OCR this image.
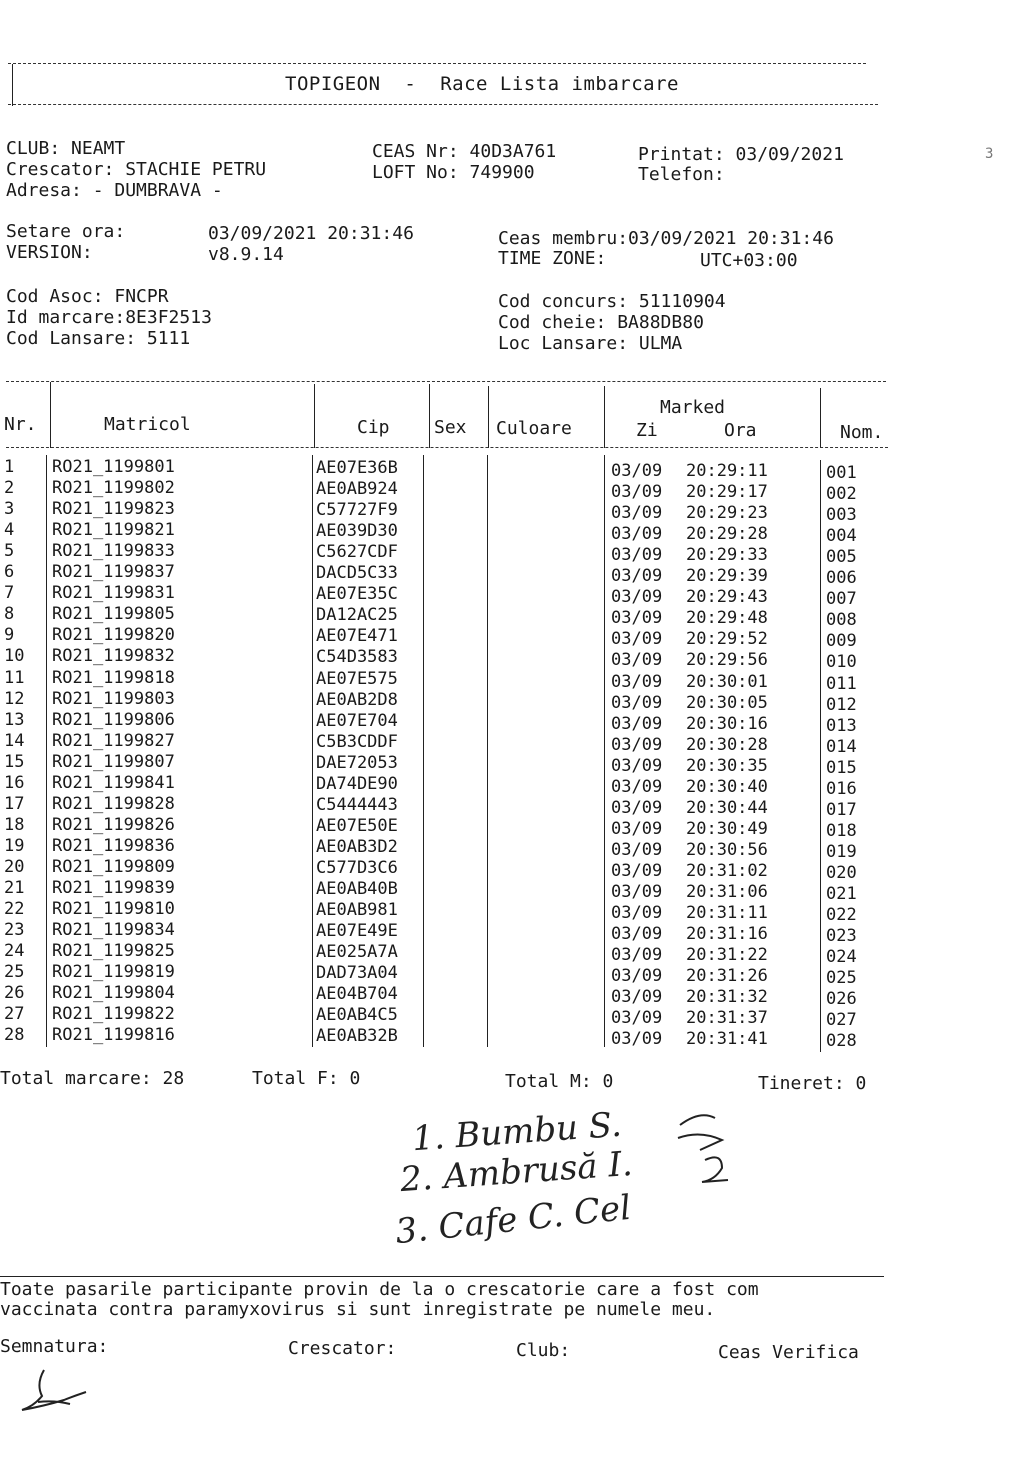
TOPIGEON  -  Race Lista imbarcare
3
CLUB: NEAMT
Crescator: STACHIE PETRU
Adresa: - DUMBRAVA -
CEAS Nr: 40D3A761
LOFT No: 749900
Printat: 03/09/2021
Telefon:
Setare ora:	03/09/2021 20:31:46
VERSION:	v8.9.14
Ceas membru:03/09/2021 20:31:46
TIME ZONE:	UTC+03:00
Cod Asoc: FNCPR
Id marcare:8E3F2513
Cod Lansare: 5111
Cod concurs: 51110904
Cod cheie: BA88DB80
Loc Lansare: ULMA
Nr.	Matricol	Cip Sex Culoare
Marked
Zi	Ora	Nom.
1 RO21_1199801	AE07E36B	03/09 20:29:11	001
2 RO21_1199802	AE0AB924	03/09 20:29:17	002
3 RO21_1199823	C57727F9	03/09 20:29:23	003
4 RO21_1199821	AE039D30	03/09 20:29:28	004
5 RO21_1199833	C5627CDF	03/09 20:29:33	005
6 RO21_1199837	DACD5C33	03/09 20:29:39	006
7 RO21_1199831	AE07E35C	03/09 20:29:43	007
8 RO21_1199805	DA12AC25	03/09 20:29:48	008
9 RO21_1199820	AE07E471	03/09 20:29:52	009
10 RO21_1199832	C54D3583	03/09 20:29:56	010
11 RO21_1199818	AE07E575	03/09 20:30:01	011
12 RO21_1199803	AE0AB2D8	03/09 20:30:05	012
13 RO21_1199806	AE07E704	03/09 20:30:16	013
14 RO21_1199827	C5B3CDDF	03/09 20:30:28	014
15 RO21_1199807	DAE72053	03/09 20:30:35	015
16 RO21_1199841	DA74DE90	03/09 20:30:40	016
17 RO21_1199828	C5444443	03/09 20:30:44	017
18 RO21_1199826	AE07E50E	03/09 20:30:49	018
19 RO21_1199836	AE0AB3D2	03/09 20:30:56	019
20 RO21_1199809	C577D3C6	03/09 20:31:02	020
21 RO21_1199839	AE0AB40B	03/09 20:31:06	021
22 RO21_1199810	AE0AB981	03/09 20:31:11	022
23 RO21_1199834	AE07E49E	03/09 20:31:16	023
24 RO21_1199825	AE025A7A	03/09 20:31:22	024
25 RO21_1199819	DAD73A04	03/09 20:31:26	025
26 RO21_1199804	AE04B704	03/09 20:31:32	026
27 RO21_1199822	AE0AB4C5	03/09 20:31:37	027
28 RO21_1199816	AE0AB32B	03/09 20:31:41	028
Total marcare: 28	Total F: 0	Total M: 0	Tineret: 0
1. Bumbu S.
2. Ambrusă I.
3. Cafe C. Cel
Toate pasarile participante provin de la o crescatorie care a fost com
vaccinata contra paramyxovirus si sunt inregistrate pe numele meu.
Semnatura:	Crescator:	Club:	Ceas Verifica
